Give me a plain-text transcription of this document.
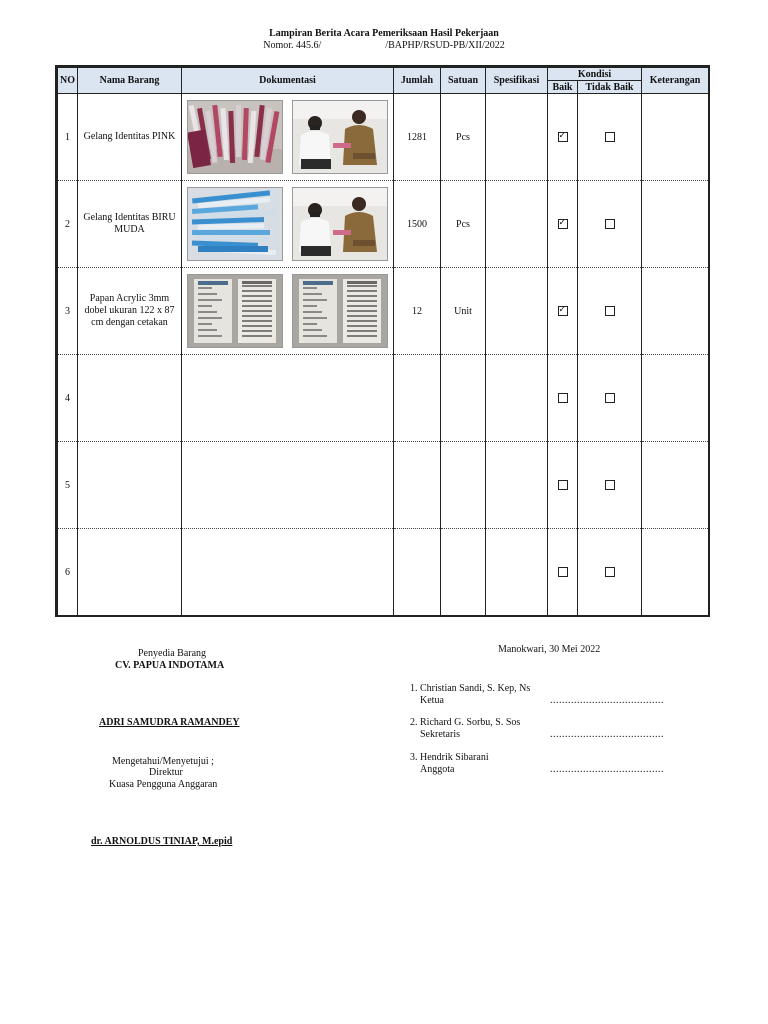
Lampiran Berita Acara Pemeriksaan Hasil Pekerjaan
Nomor. 445.6/	/BAPHP/RSUD-PB/XII/2022
NO	Nama Barang	Dokumentasi	Jumlah	Satuan	Spesifikasi	Kondisi		Keterangan
						Baik	Tidak Baik	
1	Gelang Identitas PINK		1281	Pcs		✓		

2	Gelang Identitas BIRU MUDA		1500	Pcs		✓		

3	Papan Acrylic 3mm dobel ukuran 122 x 87 cm dengan cetakan		12	Unit		✓		

4		

5		

6		

Penyedia Barang
CV. PAPUA INDOTAMA
ADRI SAMUDRA RAMANDEY
Mengetahui/Menyetujui ;
Direktur
Kuasa Pengguna Anggaran
dr. ARNOLDUS TINIAP, M.epid
Manokwari, 30 Mei 2022
1. Christian Sandi, S. Kep, Ns
Ketua	......................................
2. Richard G. Sorbu, S. Sos
Sekretaris	......................................
3. Hendrik Sibarani
Anggota	......................................
